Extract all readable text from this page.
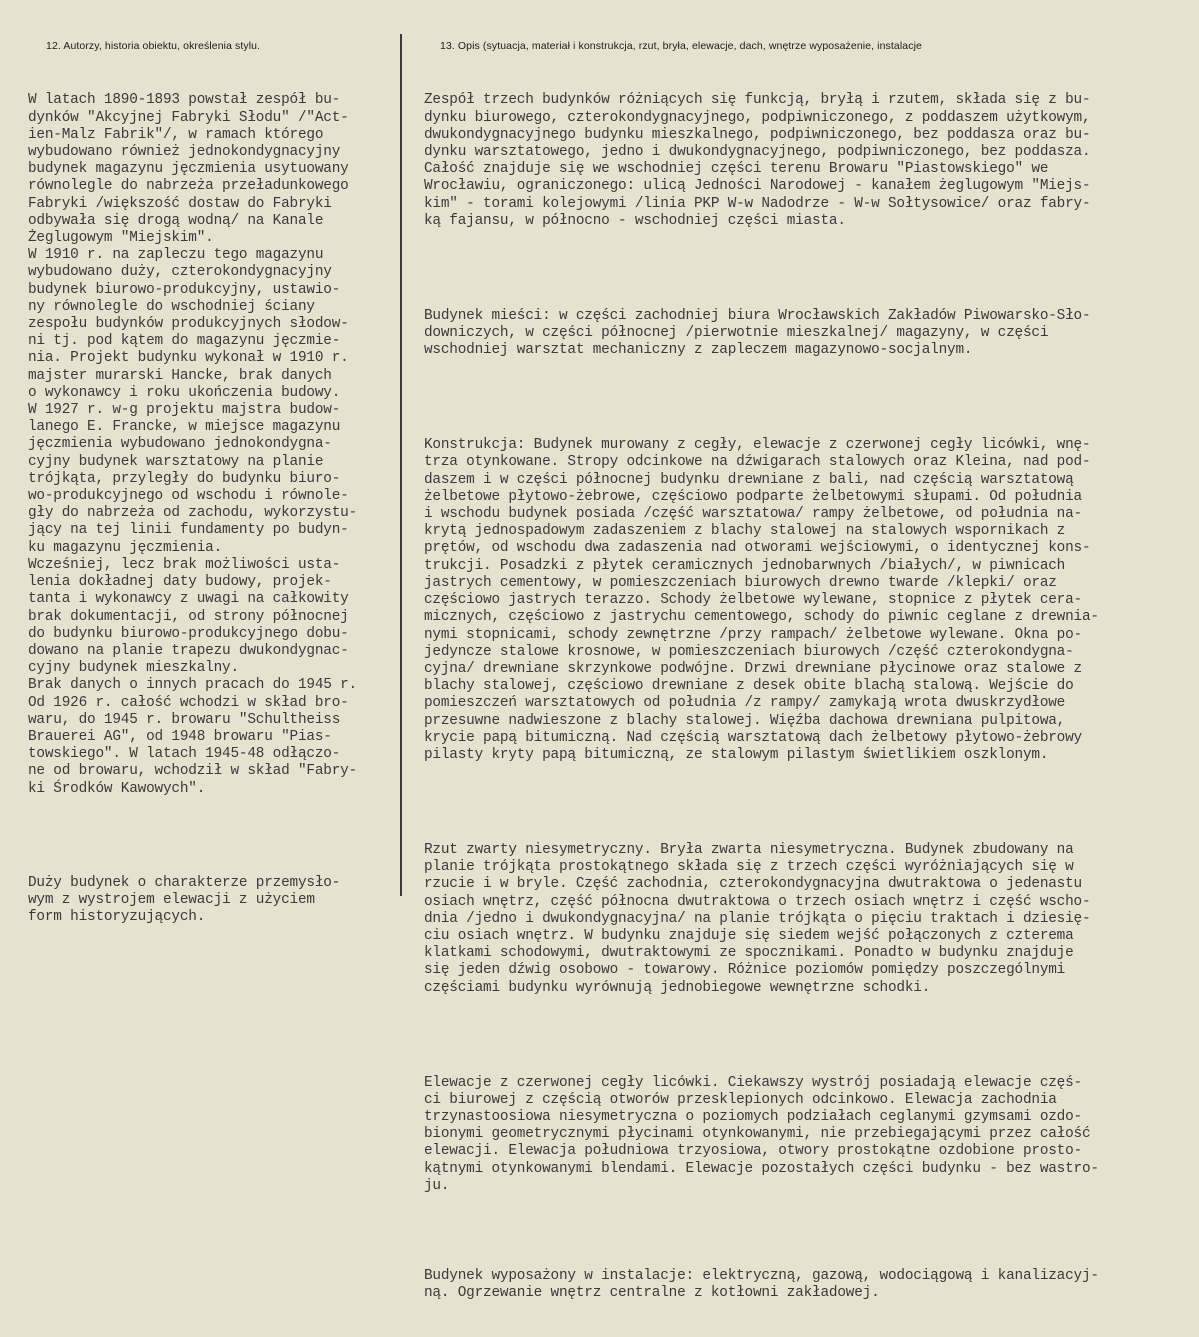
12. Autorzy, historia obiektu, określenia stylu.	13. Opis (sytuacja, materiał i konstrukcja, rzut, bryła, elewacje, dach, wnętrze wyposażenie, instalacje

W latach 1890-1893 powstał zespół bu-
dynków "Akcyjnej Fabryki Słodu" /"Act-
ien-Malz Fabrik"/, w ramach którego
wybudowano również jednokondygnacyjny
budynek magazynu jęczmienia usytuowany
równolegle do nabrzeża przeładunkowego
Fabryki /większość dostaw do Fabryki
odbywała się drogą wodną/ na Kanale
Żeglugowym "Miejskim".
W 1910 r. na zapleczu tego magazynu
wybudowano duży, czterokondygnacyjny
budynek biurowo-produkcyjny, ustawio-
ny równolegle do wschodniej ściany
zespołu budynków produkcyjnych słodow-
ni tj. pod kątem do magazynu jęczmie-
nia. Projekt budynku wykonał w 1910 r.
majster murarski Hancke, brak danych
o wykonawcy i roku ukończenia budowy.
W 1927 r. w-g projektu majstra budow-
lanego E. Francke, w miejsce magazynu
jęczmienia wybudowano jednokondygna-
cyjny budynek warsztatowy na planie
trójkąta, przyległy do budynku biuro-
wo-produkcyjnego od wschodu i równole-
gły do nabrzeża od zachodu, wykorzystu-
jący na tej linii fundamenty po budyn-
ku magazynu jęczmienia.
Wcześniej, lecz brak możliwości usta-
lenia dokładnej daty budowy, projek-
tanta i wykonawcy z uwagi na całkowity
brak dokumentacji, od strony północnej
do budynku biurowo-produkcyjnego dobu-
dowano na planie trapezu dwukondygnac-
cyjny budynek mieszkalny.
Brak danych o innych pracach do 1945 r.
Od 1926 r. całość wchodzi w skład bro-
waru, do 1945 r. browaru "Schultheiss
Brauerei AG", od 1948 browaru "Pias-
towskiego". W latach 1945-48 odłączo-
ne od browaru, wchodził w skład "Fabry-
ki Środków Kawowych".

Duży budynek o charakterze przemysło-
wym z wystrojem elewacji z użyciem
form historyzujących.

Zespół trzech budynków różniących się funkcją, bryłą i rzutem, składa się z bu-
dynku biurowego, czterokondygnacyjnego, podpiwniczonego, z poddaszem użytkowym,
dwukondygnacyjnego budynku mieszkalnego, podpiwniczonego, bez poddasza oraz bu-
dynku warsztatowego, jedno i dwukondygnacyjnego, podpiwniczonego, bez poddasza.
Całość znajduje się we wschodniej części terenu Browaru "Piastowskiego" we
Wrocławiu, ograniczonego: ulicą Jedności Narodowej - kanałem żeglugowym "Miejs-
kim" - torami kolejowymi /linia PKP W-w Nadodrze - W-w Sołtysowice/ oraz fabry-
ką fajansu, w północno - wschodniej części miasta.

Budynek mieści: w części zachodniej biura Wrocławskich Zakładów Piwowarsko-Sło-
downiczych, w części północnej /pierwotnie mieszkalnej/ magazyny, w części
wschodniej warsztat mechaniczny z zapleczem magazynowo-socjalnym.

Konstrukcja: Budynek murowany z cegły, elewacje z czerwonej cegły licówki, wnę-
trza otynkowane. Stropy odcinkowe na dźwigarach stalowych oraz Kleina, nad pod-
daszem i w części północnej budynku drewniane z bali, nad częścią warsztatową
żelbetowe płytowo-żebrowe, częściowo podparte żelbetowymi słupami. Od południa
i wschodu budynek posiada /część warsztatowa/ rampy żelbetowe, od południa na-
krytą jednospadowym zadaszeniem z blachy stalowej na stalowych wspornikach z
prętów, od wschodu dwa zadaszenia nad otworami wejściowymi, o identycznej kons-
trukcji. Posadzki z płytek ceramicznych jednobarwnych /białych/, w piwnicach
jastrych cementowy, w pomieszczeniach biurowych drewno twarde /klepki/ oraz
częściowo jastrych terazzo. Schody żelbetowe wylewane, stopnice z płytek cera-
micznych, częściowo z jastrychu cementowego, schody do piwnic ceglane z drewnia-
nymi stopnicami, schody zewnętrzne /przy rampach/ żelbetowe wylewane. Okna po-
jedyncze stalowe krosnowe, w pomieszczeniach biurowych /część czterokondygna-
cyjna/ drewniane skrzynkowe podwójne. Drzwi drewniane płycinowe oraz stalowe z
blachy stalowej, częściowo drewniane z desek obite blachą stalową. Wejście do
pomieszczeń warsztatowych od południa /z rampy/ zamykają wrota dwuskrzydłowe
przesuwne nadwieszone z blachy stalowej. Więźba dachowa drewniana pulpitowa,
krycie papą bitumiczną. Nad częścią warsztatową dach żelbetowy płytowo-żebrowy
pilasty kryty papą bitumiczną, ze stalowym pilastym świetlikiem oszklonym.

Rzut zwarty niesymetryczny. Bryła zwarta niesymetryczna. Budynek zbudowany na
planie trójkąta prostokątnego składa się z trzech części wyróżniających się w
rzucie i w bryle. Część zachodnia, czterokondygnacyjna dwutraktowa o jedenastu
osiach wnętrz, część północna dwutraktowa o trzech osiach wnętrz i część wscho-
dnia /jedno i dwukondygnacyjna/ na planie trójkąta o pięciu traktach i dziesię-
ciu osiach wnętrz. W budynku znajduje się siedem wejść połączonych z czterema
klatkami schodowymi, dwutraktowymi ze spocznikami. Ponadto w budynku znajduje
się jeden dźwig osobowo - towarowy. Różnice poziomów pomiędzy poszczególnymi
częściami budynku wyrównują jednobiegowe wewnętrzne schodki.

Elewacje z czerwonej cegły licówki. Ciekawszy wystrój posiadają elewacje częś-
ci biurowej z częścią otworów przesklepionych odcinkowo. Elewacja zachodnia
trzynastoosiowa niesymetryczna o poziomych podziałach ceglanymi gzymsami ozdo-
bionymi geometrycznymi płycinami otynkowanymi, nie przebiegającymi przez całość
elewacji. Elewacja południowa trzyosiowa, otwory prostokątne ozdobione prosto-
kątnymi otynkowanymi blendami. Elewacje pozostałych części budynku - bez wastro-
ju.

Budynek wyposażony w instalacje: elektryczną, gazową, wodociągową i kanalizacyj-
ną. Ogrzewanie wnętrz centralne z kotłowni zakładowej.
